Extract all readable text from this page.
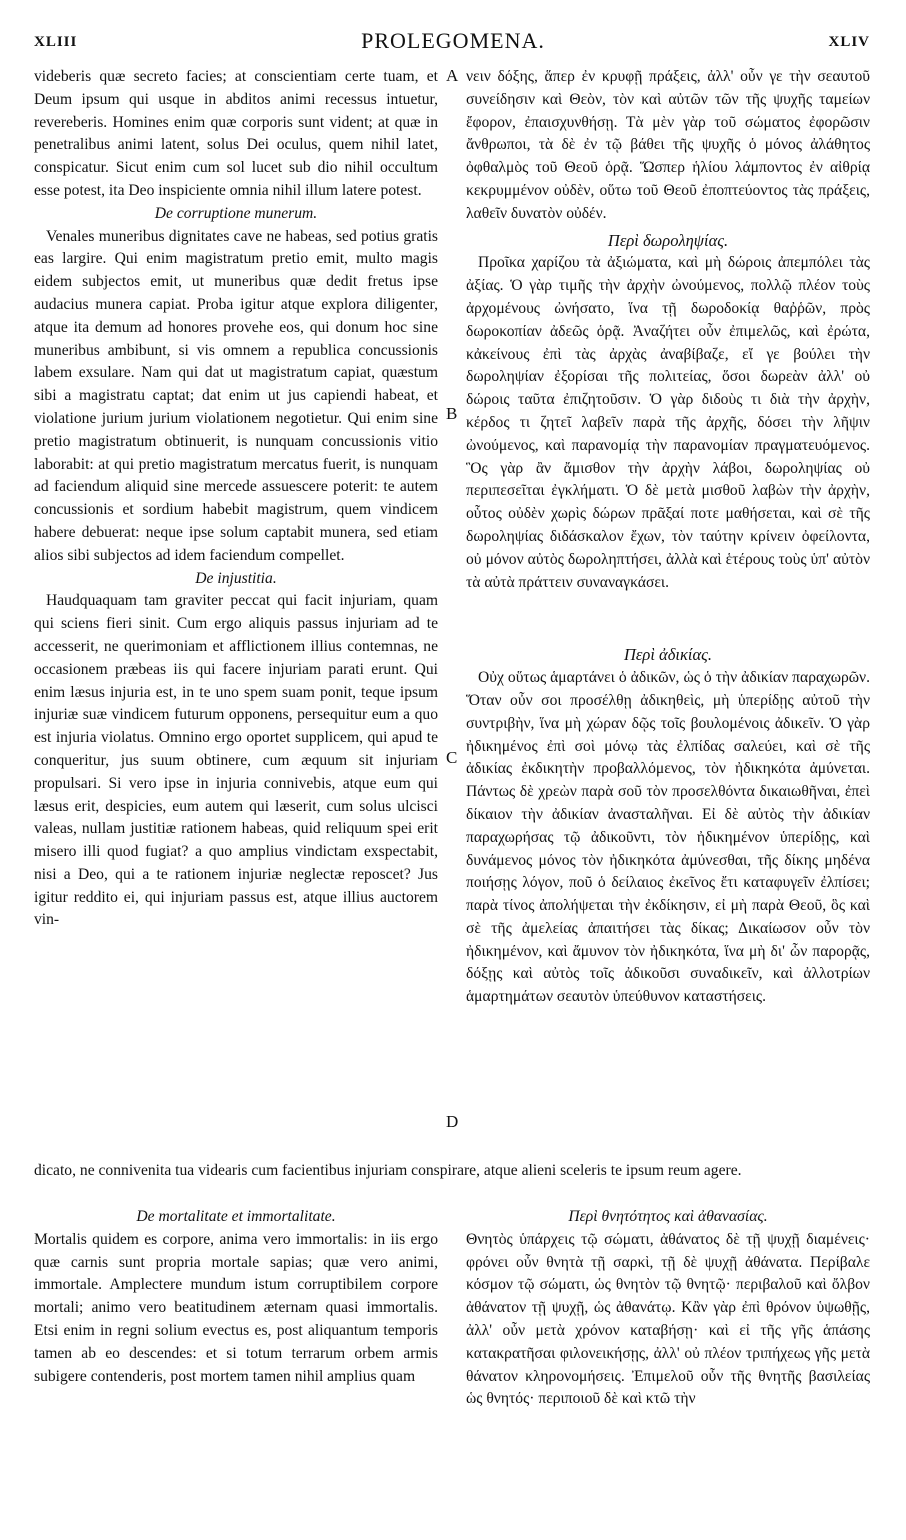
XLIII	PROLEGOMENA.	XLIV
A
B
C
D

videberis quæ secreto facies; at conscientiam certe tuam, et Deum ipsum qui usque in abditos animi recessus intuetur, revereberis. Homines enim quæ corporis sunt vident; at quæ in penetralibus animi latent, solus Dei oculus, quem nihil latet, conspicatur. Sicut enim cum sol lucet sub dio nihil occultum esse potest, ita Deo inspiciente omnia nihil illum latere potest.

De corruptione munerum.

Venales muneribus dignitates cave ne habeas, sed potius gratis eas largire. Qui enim magistratum pretio emit, multo magis eidem subjectos emit, ut muneribus quæ dedit fretus ipse audacius munera capiat. Proba igitur atque explora diligenter, atque ita demum ad honores provehe eos, qui donum hoc sine muneribus ambibunt, si vis omnem a republica concussionis labem exsulare. Nam qui dat ut magistratum capiat, quæstum sibi a magistratu captat; dat enim ut jus capiendi habeat, et violatione jurium jurium violationem negotietur. Qui enim sine pretio magistratum obtinuerit, is nunquam concussionis vitio laborabit: at qui pretio magistratum mercatus fuerit, is nunquam ad faciendum aliquid sine mercede assuescere poterit: te autem concussionis et sordium habebit magistrum, quem vindicem habere debuerat: neque ipse solum captabit munera, sed etiam alios sibi subjectos ad idem faciendum compellet.

De injustitia.

Haudquaquam tam graviter peccat qui facit injuriam, quam qui sciens fieri sinit. Cum ergo aliquis passus injuriam ad te accesserit, ne querimoniam et afflictionem illius contemnas, ne occasionem præbeas iis qui facere injuriam parati erunt. Qui enim læsus injuria est, in te uno spem suam ponit, teque ipsum injuriæ suæ vindicem futurum opponens, persequitur eum a quo est injuria violatus. Omnino ergo oportet supplicem, qui apud te conqueritur, jus suum obtinere, cum æquum sit injuriam propulsari. Si vero ipse in injuria connivebis, atque eum qui læsus erit, despicies, eum autem qui læserit, cum solus ulcisci valeas, nullam justitiæ rationem habeas, quid reliquum spei erit misero illi quod fugiat? a quo amplius vindictam exspectabit, nisi a Deo, qui a te rationem injuriæ neglectæ reposcet? Jus igitur reddito ei, qui injuriam passus est, atque illius auctorem vin-

νειν δόξης, ἅπερ ἐν κρυφῇ πράξεις, ἀλλ' οὖν γε τὴν σεαυτοῦ συνείδησιν καὶ Θεὸν, τὸν καὶ αὐτῶν τῶν τῆς ψυχῆς ταμείων ἔφορον, ἐπαισχυνθήσῃ. Τὰ μὲν γὰρ τοῦ σώματος ἐφορῶσιν ἄνθρωποι, τὰ δὲ ἐν τῷ βάθει τῆς ψυχῆς ὁ μόνος ἀλάθητος ὀφθαλμὸς τοῦ Θεοῦ ὁρᾷ. Ὥσπερ ἡλίου λάμποντος ἐν αἰθρίᾳ κεκρυμμένον οὐδὲν, οὕτω τοῦ Θεοῦ ἐποπτεύοντος τὰς πράξεις, λαθεῖν δυνατὸν οὐδέν.

Περὶ δωροληψίας.

Προῖκα χαρίζου τὰ ἀξιώματα, καὶ μὴ δώροις ἀπεμπόλει τὰς ἀξίας. Ὁ γὰρ τιμῆς τὴν ἀρχὴν ὠνούμενος, πολλῷ πλέον τοὺς ἀρχομένους ὠνήσατο, ἵνα τῇ δωροδοκίᾳ θαῤῥῶν, πρὸς δωροκοπίαν ἀδεῶς ὁρᾷ. Ἀναζήτει οὖν ἐπιμελῶς, καὶ ἐρώτα, κἀκείνους ἐπὶ τὰς ἀρχὰς ἀναβίβαζε, εἴ γε βούλει τὴν δωροληψίαν ἐξορίσαι τῆς πολιτείας, ὅσοι δωρεὰν ἀλλ' οὐ δώροις ταῦτα ἐπιζητοῦσιν. Ὁ γὰρ διδοὺς τι διὰ τὴν ἀρχὴν, κέρδος τι ζητεῖ λαβεῖν παρὰ τῆς ἀρχῆς, δόσει τὴν λῆψιν ὠνούμενος, καὶ παρανομίᾳ τὴν παρανομίαν πραγματευόμενος. Ὃς γὰρ ἂν ἄμισθον τὴν ἀρχὴν λάβοι, δωροληψίας οὐ περιπεσεῖται ἐγκλήματι. Ὁ δὲ μετὰ μισθοῦ λαβὼν τὴν ἀρχὴν, οὗτος οὐδὲν χωρὶς δώρων πρᾶξαί ποτε μαθήσεται, καὶ σὲ τῆς δωροληψίας διδάσκαλον ἔχων, τὸν ταύτην κρίνειν ὀφείλοντα, οὐ μόνον αὐτὸς δωροληπτήσει, ἀλλὰ καὶ ἑτέρους τοὺς ὑπ' αὐτὸν τὰ αὐτὰ πράττειν συναναγκάσει.

Περὶ ἀδικίας.

Οὐχ οὕτως ἁμαρτάνει ὁ ἀδικῶν, ὡς ὁ τὴν ἀδικίαν παραχωρῶν. Ὅταν οὖν σοι προσέλθῃ ἀδικηθεὶς, μὴ ὑπερίδῃς αὐτοῦ τὴν συντριβὴν, ἵνα μὴ χώραν δῷς τοῖς βουλομένοις ἀδικεῖν. Ὁ γὰρ ἠδικημένος ἐπὶ σοὶ μόνῳ τὰς ἐλπίδας σαλεύει, καὶ σὲ τῆς ἀδικίας ἐκδικητὴν προβαλλόμενος, τὸν ἠδικηκότα ἀμύνεται. Πάντως δὲ χρεὼν παρὰ σοῦ τὸν προσελθόντα δικαιωθῆναι, ἐπεὶ δίκαιον τὴν ἀδικίαν ἀνασταλῆναι. Εἰ δὲ αὐτὸς τὴν ἀδικίαν παραχωρήσας τῷ ἀδικοῦντι, τὸν ἠδικημένον ὑπερίδῃς, καὶ δυνάμενος μόνος τὸν ἠδικηκότα ἀμύνεσθαι, τῆς δίκης μηδένα ποιήσῃς λόγον, ποῦ ὁ δείλαιος ἐκεῖνος ἔτι καταφυγεῖν ἐλπίσει; παρὰ τίνος ἀπολήψεται τὴν ἐκδίκησιν, εἰ μὴ παρὰ Θεοῦ, ὃς καὶ σὲ τῆς ἀμελείας ἀπαιτήσει τὰς δίκας; Δικαίωσον οὖν τὸν ἠδικημένον, καὶ ἄμυνον τὸν ἠδικηκότα, ἵνα μὴ δι' ὧν παρορᾷς, δόξῃς καὶ αὐτὸς τοῖς ἀδικοῦσι συναδικεῖν, καὶ ἀλλοτρίων ἁμαρτημάτων σεαυτὸν ὑπεύθυνον καταστήσεις.

dicato, ne connivenita tua videaris cum facientibus injuriam conspirare, atque alieni sceleris te ipsum reum agere.

De mortalitate et immortalitate.

Mortalis quidem es corpore, anima vero immortalis: in iis ergo quæ carnis sunt propria mortale sapias; quæ vero animi, immortale. Amplectere mundum istum corruptibilem corpore mortali; animo vero beatitudinem æternam quasi immortalis. Etsi enim in regni solium evectus es, post aliquantum temporis tamen ab eo descendes: et si totum terrarum orbem armis subigere contenderis, post mortem tamen nihil amplius quam

Περὶ θνητότητος καὶ ἀθανασίας.

Θνητὸς ὑπάρχεις τῷ σώματι, ἀθάνατος δὲ τῇ ψυχῇ διαμένεις· φρόνει οὖν θνητὰ τῇ σαρκὶ, τῇ δὲ ψυχῇ ἀθάνατα. Περίβαλε κόσμον τῷ σώματι, ὡς θνητὸν τῷ θνητῷ· περιβαλοῦ καὶ ὄλβον ἀθάνατον τῇ ψυχῇ, ὡς ἀθανάτῳ. Κἂν γὰρ ἐπὶ θρόνον ὑψωθῇς, ἀλλ' οὖν μετὰ χρόνον καταβήσῃ· καὶ εἰ τῆς γῆς ἁπάσης κατακρατῆσαι φιλονεικήσῃς, ἀλλ' οὐ πλέον τριπήχεως γῆς μετὰ θάνατον κληρονομήσεις. Ἐπιμελοῦ οὖν τῆς θνητῆς βασιλείας ὡς θνητός· περιποιοῦ δὲ καὶ κτῶ τὴν
